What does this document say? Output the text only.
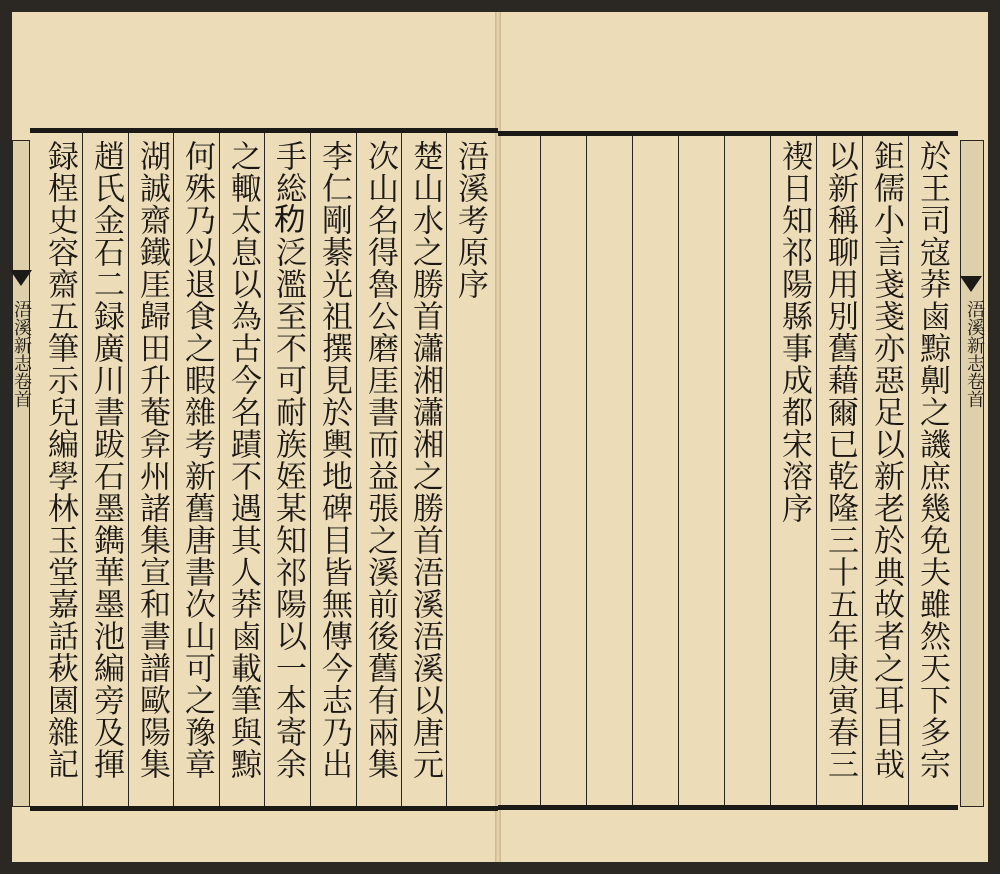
浯溪考原序
楚山水之勝首瀟湘瀟湘之勝首浯溪浯溪以唐元
次山名得魯公磨厓書而益張之溪前後舊有兩集
李仁剛綦光祖撰見於輿地碑目皆無傳今志乃出
手総𥝢泛濫至不可耐族姪某知祁陽以一本寄余
之輙太息以為古今名蹟不遇其人莽鹵載筆與黥
何殊乃以退食之暇雜考新舊唐書次山可之豫章
湖誠齋鐵厓歸田升菴弇州諸集宣和書譜歐陽集
趙氏金石二録廣川書跋石墨鐫華墨池編旁及揮
録桯史容齋五筆示兒編學林玉堂嘉話萩園雜記
於王司寇莽鹵黥劓之譏庶幾免夫雖然天下多宗
鉅儒小言戔戔亦惡足以新老於典故者之耳目哉
以新稱聊用別舊藉爾已乾隆三十五年庚寅春三
禊日知祁陽縣事成都宋溶序
浯溪新志卷首	浯溪新志卷首
